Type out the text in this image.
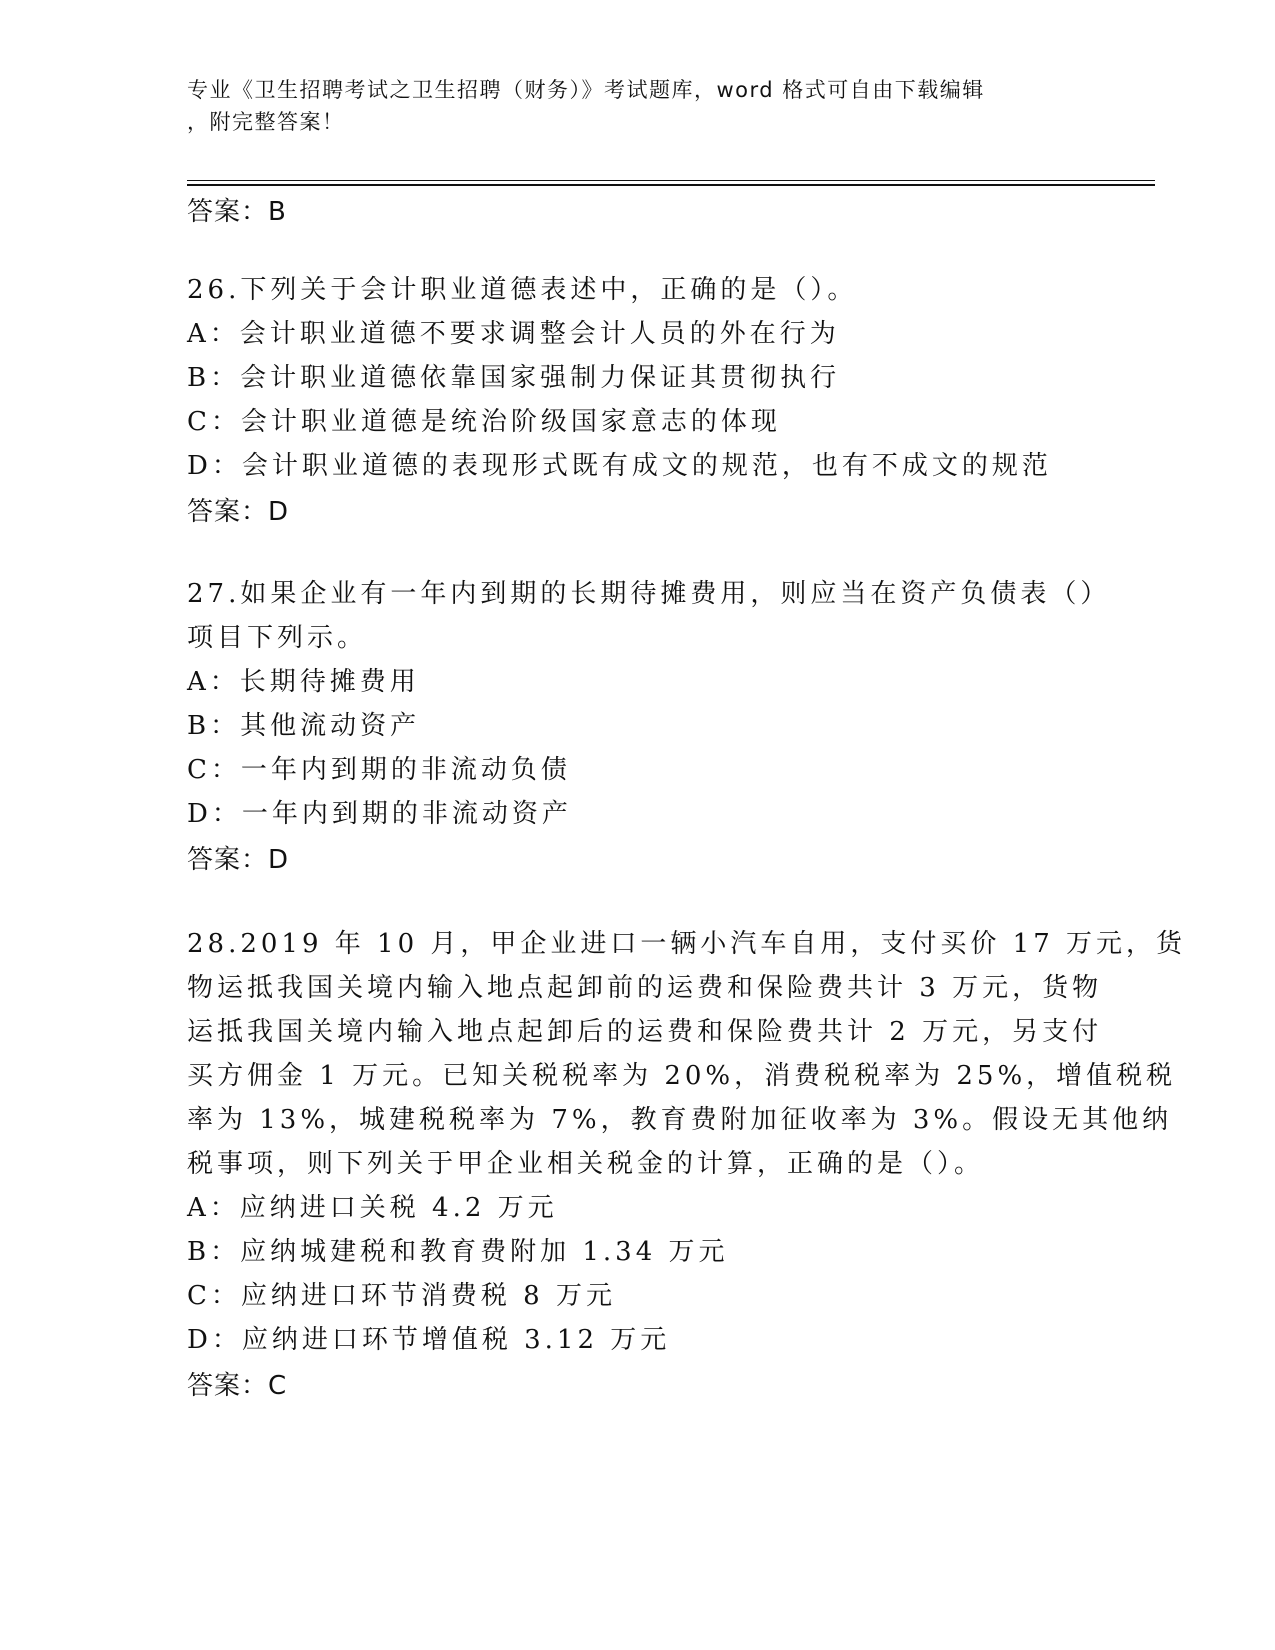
专业《卫生招聘考试之卫生招聘（财务）》考试题库，word 格式可自由下载编辑
，附完整答案！
答案：B
26.下列关于会计职业道德表述中，正确的是（）。
A：会计职业道德不要求调整会计人员的外在行为
B：会计职业道德依靠国家强制力保证其贯彻执行
C：会计职业道德是统治阶级国家意志的体现
D：会计职业道德的表现形式既有成文的规范，也有不成文的规范
答案：D
27.如果企业有一年内到期的长期待摊费用，则应当在资产负债表（）
项目下列示。
A：长期待摊费用
B：其他流动资产
C：一年内到期的非流动负债
D：一年内到期的非流动资产
答案：D
28.2019 年 10 月，甲企业进口一辆小汽车自用，支付买价 17 万元，货
物运抵我国关境内输入地点起卸前的运费和保险费共计 3 万元，货物
运抵我国关境内输入地点起卸后的运费和保险费共计 2 万元，另支付
买方佣金 1 万元。已知关税税率为 20%，消费税税率为 25%，增值税税
率为 13%，城建税税率为 7%，教育费附加征收率为 3%。假设无其他纳
税事项，则下列关于甲企业相关税金的计算，正确的是（）。
A：应纳进口关税 4.2 万元
B：应纳城建税和教育费附加 1.34 万元
C：应纳进口环节消费税 8 万元
D：应纳进口环节增值税 3.12 万元
答案：C
